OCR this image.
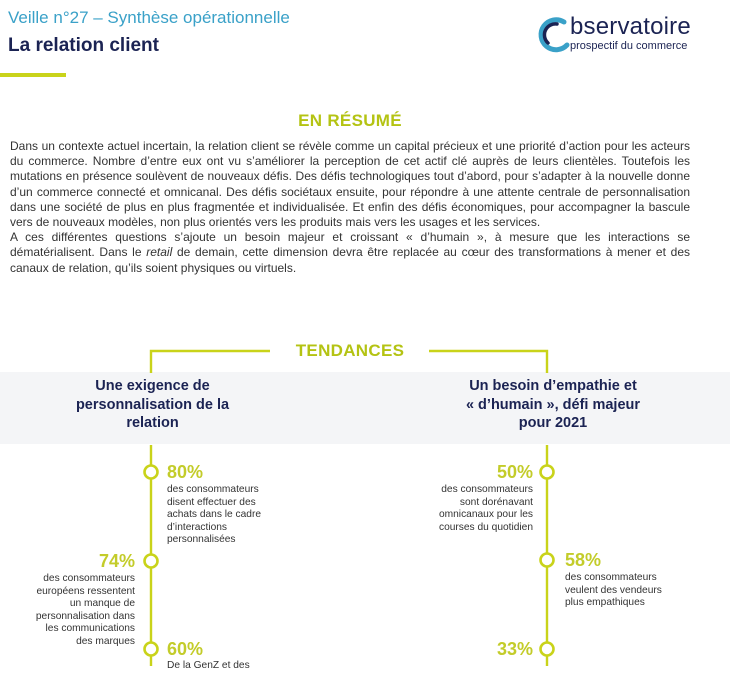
Veille n°27 – Synthèse opérationnelle
La relation client
bservatoire
prospectif du commerce
EN RÉSUMÉ

Dans un contexte actuel incertain, la relation client se révèle comme un capital précieux et une priorité d’action pour les acteurs du commerce. Nombre d’entre eux ont vu s’améliorer la perception de cet actif clé auprès de leurs clientèles. Toutefois les mutations en présence soulèvent de nouveaux défis. Des défis technologiques tout d’abord, pour s’adapter à la nouvelle donne d’un commerce connecté et omnicanal. Des défis sociétaux ensuite, pour répondre à une attente centrale de personnalisation dans une société de plus en plus fragmentée et individualisée. Et enfin des défis économiques, pour accompagner la bascule vers de nouveaux modèles, non plus orientés vers les produits mais vers les usages et les services.

A ces différentes questions s’ajoute un besoin majeur et croissant « d’humain », à mesure que les interactions se dématérialisent. Dans le retail de demain, cette dimension devra être replacée au cœur des transformations à mener et des canaux de relation, qu’ils soient physiques ou virtuels.

TENDANCES
Une exigence de
personnalisation de la
relation
Un besoin d’empathie et
« d’humain », défi majeur
pour 2021
80%
des consommateurs
disent effectuer des
achats dans le cadre
d’interactions
personnalisées
74%
des consommateurs
européens ressentent
un manque de
personnalisation dans
les communications
des marques 60%
De la GenZ et des
50%
des consommateurs
sont dorénavant
omnicanaux pour les
courses du quotidien
58%
des consommateurs
veulent des vendeurs
plus empathiques
33%
